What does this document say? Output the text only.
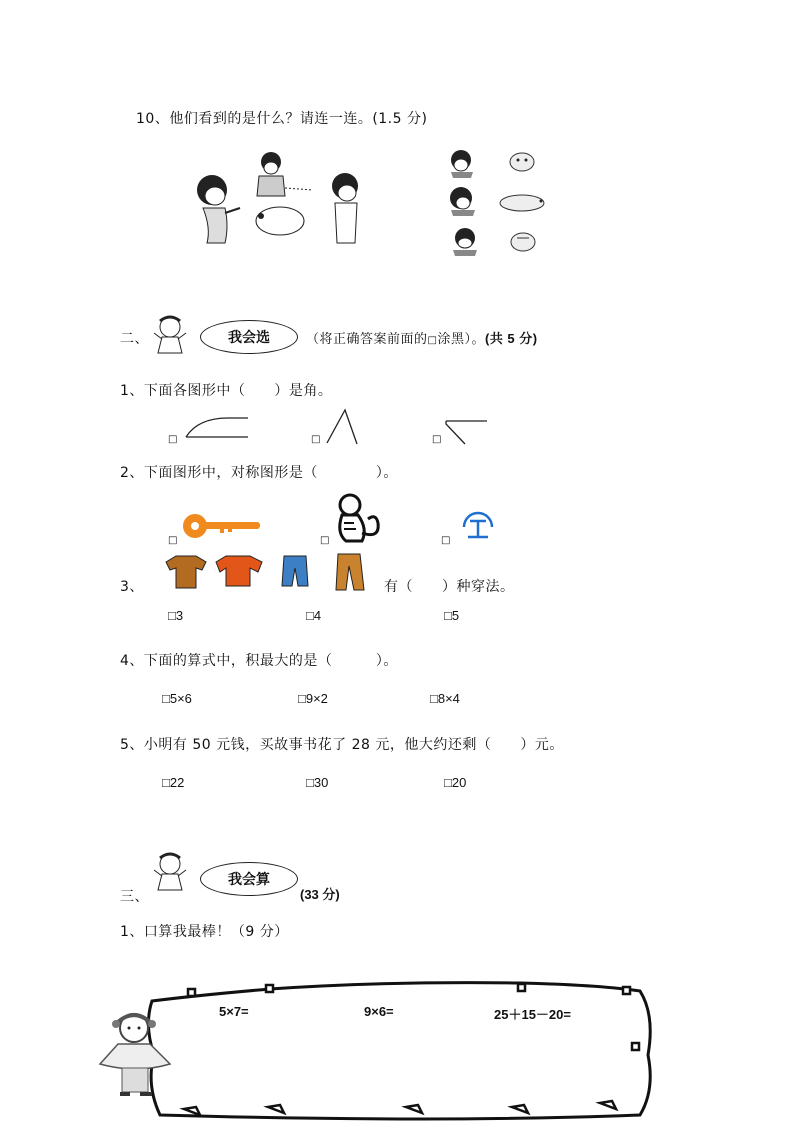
10、他们看到的是什么？请连一连。(1.5 分)
二、	我会选	（将正确答案前面的□涂黑）。(共 5 分)
1、下面各图形中（　　）是角。
□	□	□
2、下面图形中，对称图形是（　　　　）。
□	□	□
3、	有（　　）种穿法。
□3	□4	□5
4、下面的算式中，积最大的是（　　　）。
□5×6	□9×2	□8×4
5、小明有 50 元钱，买故事书花了 28 元，他大约还剩（　　）元。
□22	□30	□20
三、
我会算
(33 分)
1、口算我最棒！（9 分）
5×7=	9×6=	25＋15－20=
